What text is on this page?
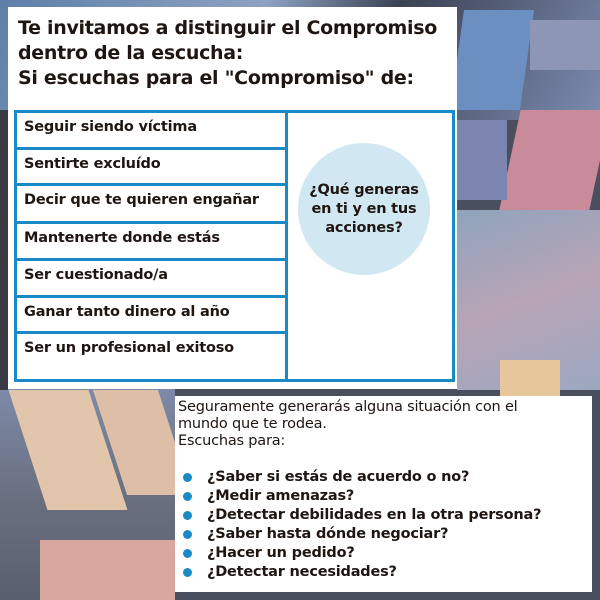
Te invitamos a distinguir el Compromiso
dentro de la escucha:
Si escuchas para el "Compromiso" de:
Seguir siendo víctima
Sentirte excluído
Decir que te quieren engañar
Mantenerte donde estás
Ser cuestionado/a
Ganar tanto dinero al año
Ser un profesional exitoso
¿Qué generas en ti y en tus acciones?
Seguramente generarás alguna situación con el
mundo que te rodea.
Escuchas para:
¿Saber si estás de acuerdo o no?
¿Medir amenazas?
¿Detectar debilidades en la otra persona?
¿Saber hasta dónde negociar?
¿Hacer un pedido?
¿Detectar necesidades?
